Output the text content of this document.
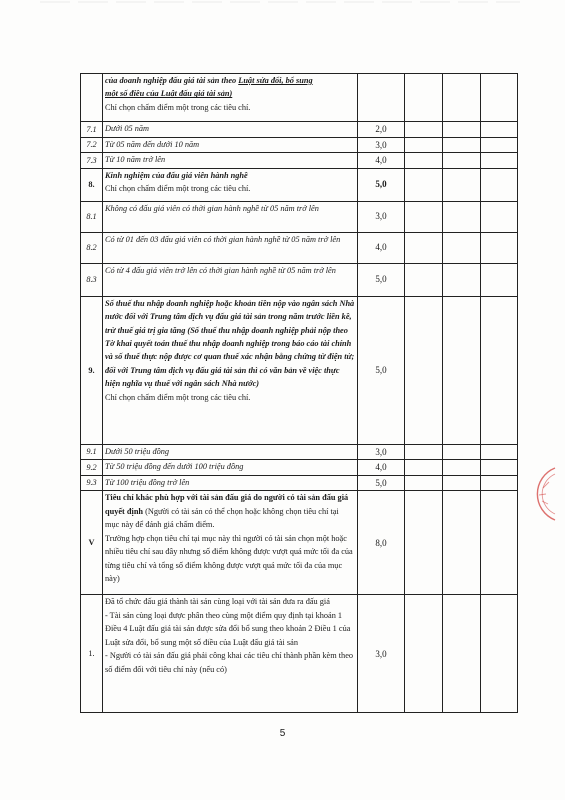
	của doanh nghiệp đấu giá tài sản theo Luật sửa đổi, bổ sung
một số điều của Luật đấu giá tài sản)
Chỉ chọn chấm điểm một trong các tiêu chí.				
7.1	Dưới 05 năm	2,0			
7.2	Từ 05 năm đến dưới 10 năm	3,0			
7.3	Từ 10 năm trở lên	4,0			
8.	Kinh nghiệm của đấu giá viên hành nghề
Chỉ chọn chấm điểm một trong các tiêu chí.	5,0			
8.1	Không có đấu giá viên có thời gian hành nghề từ 05 năm trở lên	3,0			
8.2	Có từ 01 đến 03 đấu giá viên có thời gian hành nghề từ 05 năm trở lên	4,0			
8.3	Có từ 4 đấu giá viên trở lên có thời gian hành nghề từ 05 năm trở lên	5,0			
9.	Số thuế thu nhập doanh nghiệp hoặc khoản tiền nộp vào ngân sách Nhà nước đối với Trung tâm dịch vụ đấu giá tài sản trong năm trước liền kề, trừ thuế giá trị gia tăng (Số thuế thu nhập doanh nghiệp phải nộp theo Tờ khai quyết toán thuế thu nhập doanh nghiệp trong báo cáo tài chính và số thuế thực nộp được cơ quan thuế xác nhận bằng chứng từ điện tử; đối với Trung tâm dịch vụ đấu giá tài sản thì có văn bản về việc thực hiện nghĩa vụ thuế với ngân sách Nhà nước)
Chỉ chọn chấm điểm một trong các tiêu chí.	5,0			
9.1	Dưới 50 triệu đồng	3,0			
9.2	Từ 50 triệu đồng đến dưới 100 triệu đồng	4,0			
9.3	Từ 100 triệu đồng trở lên	5,0			
V	Tiêu chí khác phù hợp với tài sản đấu giá do người có tài sản đấu giá quyết định (Người có tài sản có thể chọn hoặc không chọn tiêu chí tại mục này để đánh giá chấm điểm.
Trường hợp chọn tiêu chí tại mục này thì người có tài sản chọn một hoặc nhiều tiêu chí sau đây nhưng số điểm không được vượt quá mức tối đa của từng tiêu chí và tổng số điểm không được vượt quá mức tối đa của mục này)	8,0			
1.	Đã tổ chức đấu giá thành tài sản cùng loại với tài sản đưa ra đấu giá
- Tài sản cùng loại được phân theo cùng một điểm quy định tại khoản 1 Điều 4 Luật đấu giá tài sản được sửa đổi bổ sung theo khoản 2 Điều 1 của Luật sửa đổi, bổ sung một số điều của Luật đấu giá tài sản
- Người có tài sản đấu giá phải công khai các tiêu chí thành phần kèm theo số điểm đối với tiêu chí này (nếu có)	3,0			
5
